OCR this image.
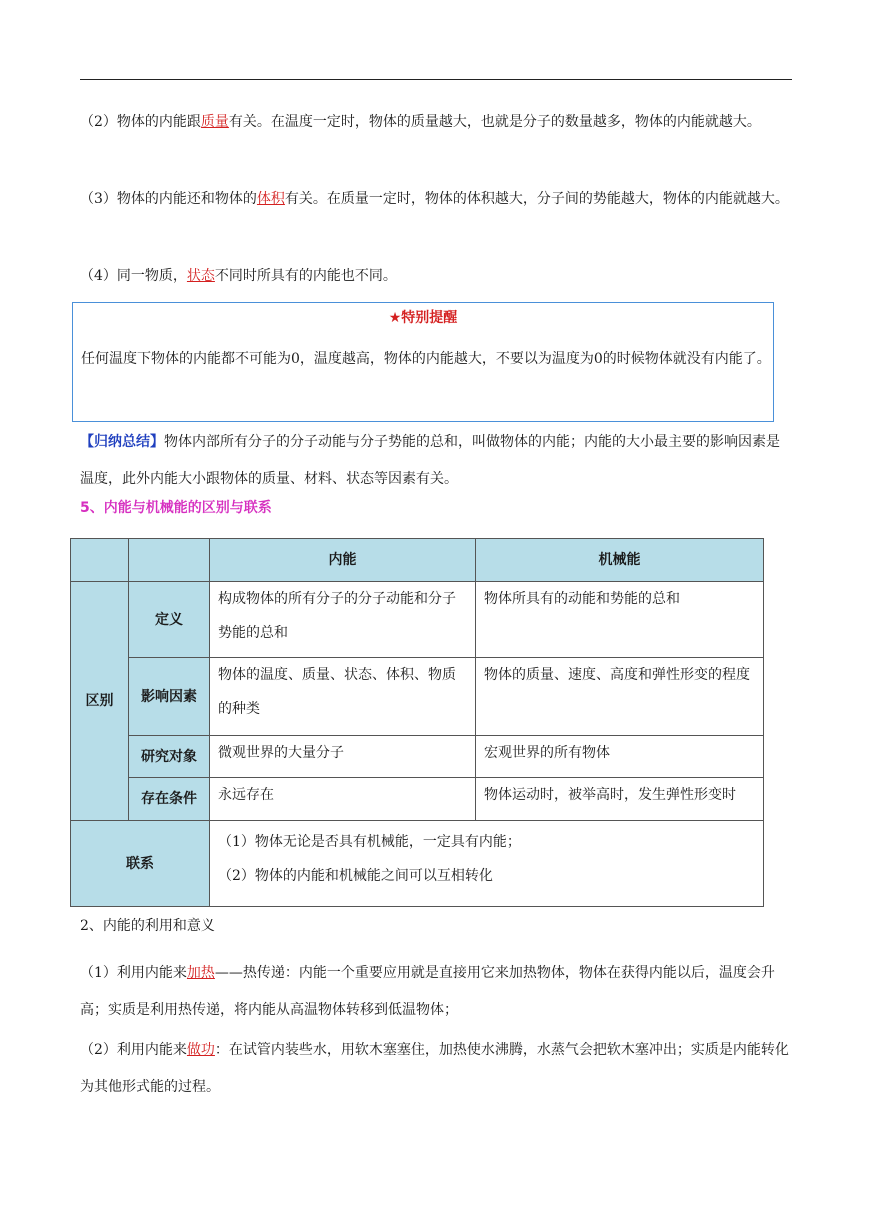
（2）物体的内能跟质量有关。在温度一定时，物体的质量越大，也就是分子的数量越多，物体的内能就越大。
（3）物体的内能还和物体的体积有关。在质量一定时，物体的体积越大，分子间的势能越大，物体的内能就越大。
（4）同一物质，状态不同时所具有的内能也不同。
★特别提醒
任何温度下物体的内能都不可能为0，温度越高，物体的内能越大，不要以为温度为0的时候物体就没有内能了。
【归纳总结】物体内部所有分子的分子动能与分子势能的总和，叫做物体的内能；内能的大小最主要的影响因素是温度，此外内能大小跟物体的质量、材料、状态等因素有关。
5、内能与机械能的区别与联系
		内能	机械能
区别	定义	构成物体的所有分子的分子动能和分子势能的总和	物体所具有的动能和势能的总和
	影响因素	物体的温度、质量、状态、体积、物质的种类	物体的质量、速度、高度和弹性形变的程度
	研究对象	微观世界的大量分子	宏观世界的所有物体
	存在条件	永远存在	物体运动时，被举高时，发生弹性形变时
联系		（1）物体无论是否具有机械能，一定具有内能；
（2）物体的内能和机械能之间可以互相转化	
2、内能的利用和意义
（1）利用内能来加热——热传递：内能一个重要应用就是直接用它来加热物体，物体在获得内能以后，温度会升高；实质是利用热传递，将内能从高温物体转移到低温物体；
（2）利用内能来做功：在试管内装些水，用软木塞塞住，加热使水沸腾，水蒸气会把软木塞冲出；实质是内能转化为其他形式能的过程。
